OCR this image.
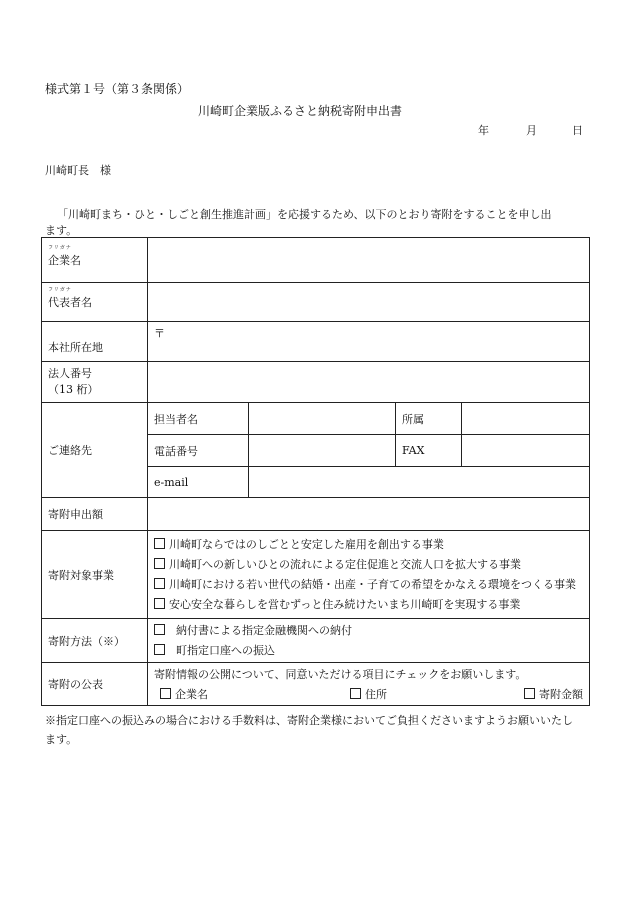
様式第１号（第３条関係）
川崎町企業版ふるさと納税寄附申出書
年	月	日
川崎町長　様
「川崎町まち・ひと・しごと創生推進計画」を応援するため、以下のとおり寄附をすることを申し出
ます。
フリガナ
企業名				

フリガナ
代表者名				
本社所在地	〒			

法人番号
（13 桁）				

ご連絡先	担当者名		所属	
	電話番号		FAX	
	e-mail			
寄附申出額				
寄附対象事業	川崎町ならではのしごとと安定した雇用を創出する事業
川崎町への新しいひとの流れによる定住促進と交流人口を拡大する事業
川崎町における若い世代の結婚・出産・子育ての希望をかなえる環境をつくる事業
安心安全な暮らしを営むずっと住み続けたいまち川崎町を実現する事業			

寄附方法（※）	納付書による指定金融機関への納付
町指定口座への振込			

寄附の公表	寄附情報の公開について、同意いただける項目にチェックをお願いします。
企業名 住所 寄附金額			
※指定口座への振込みの場合における手数料は、寄附企業様においてご負担くださいますようお願いいたし
ます。
